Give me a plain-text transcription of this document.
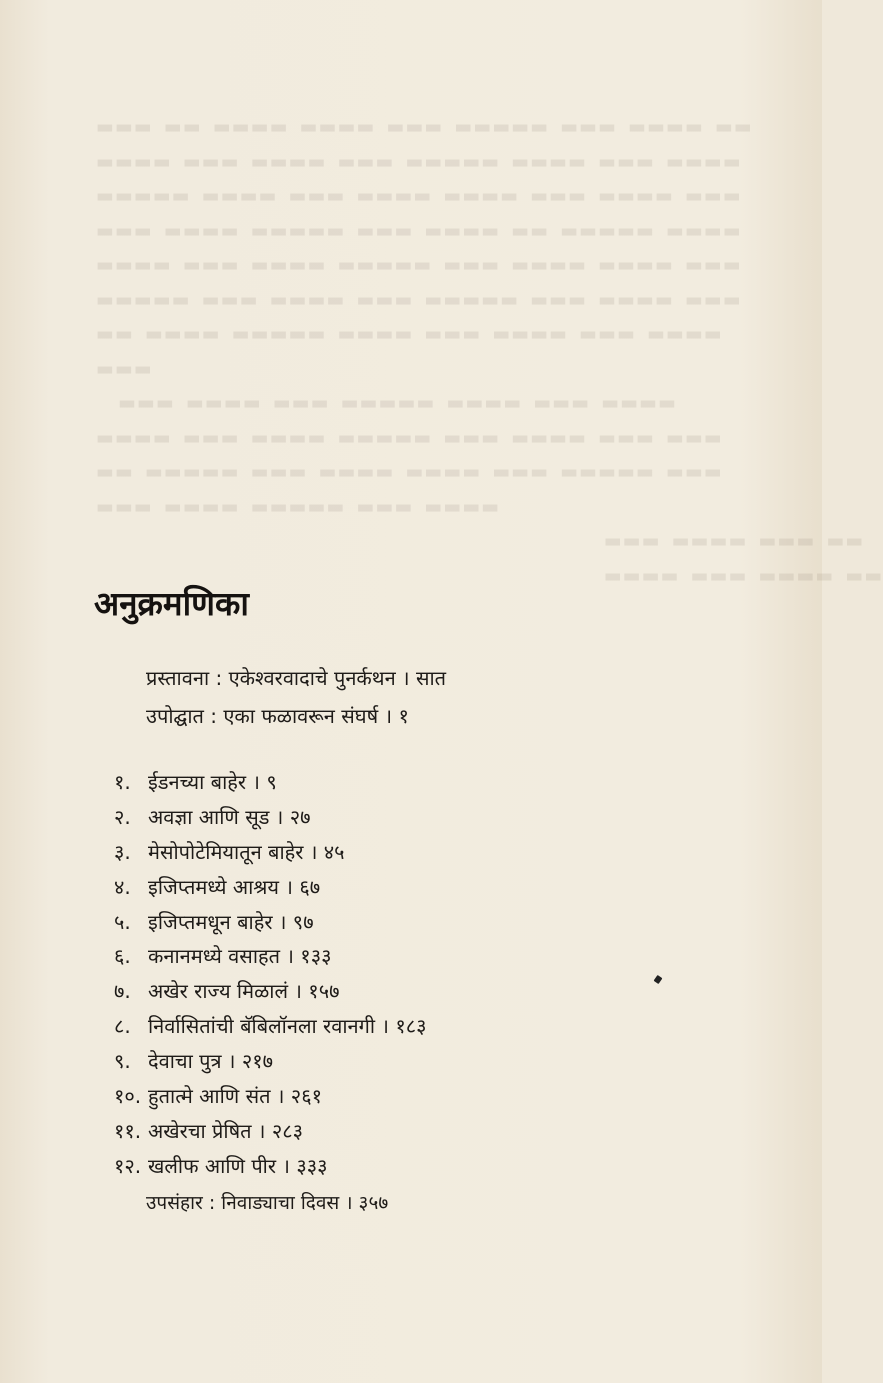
▬▬▬ ▬▬ ▬▬▬▬ ▬▬▬▬ ▬▬▬ ▬▬▬▬▬ ▬▬▬ ▬▬▬▬ ▬▬
▬▬▬▬ ▬▬▬ ▬▬▬▬ ▬▬▬ ▬▬▬▬▬ ▬▬▬▬ ▬▬▬ ▬▬▬▬
▬▬▬▬▬ ▬▬▬▬ ▬▬▬ ▬▬▬▬ ▬▬▬▬ ▬▬▬ ▬▬▬▬ ▬▬▬
▬▬▬ ▬▬▬▬ ▬▬▬▬▬ ▬▬▬ ▬▬▬▬ ▬▬ ▬▬▬▬▬ ▬▬▬▬
▬▬▬▬ ▬▬▬ ▬▬▬▬ ▬▬▬▬▬ ▬▬▬ ▬▬▬▬ ▬▬▬▬ ▬▬▬
▬▬▬▬▬ ▬▬▬ ▬▬▬▬ ▬▬▬ ▬▬▬▬▬ ▬▬▬ ▬▬▬▬ ▬▬▬
▬▬ ▬▬▬▬ ▬▬▬▬▬ ▬▬▬▬ ▬▬▬ ▬▬▬▬ ▬▬▬ ▬▬▬▬
▬▬▬
▬▬▬ ▬▬▬▬ ▬▬▬ ▬▬▬▬▬ ▬▬▬▬ ▬▬▬ ▬▬▬▬
▬▬▬▬ ▬▬▬ ▬▬▬▬ ▬▬▬▬▬ ▬▬▬ ▬▬▬▬ ▬▬▬ ▬▬▬
▬▬ ▬▬▬▬▬ ▬▬▬ ▬▬▬▬ ▬▬▬▬ ▬▬▬ ▬▬▬▬▬ ▬▬▬
▬▬▬ ▬▬▬▬ ▬▬▬▬▬ ▬▬▬ ▬▬▬▬
▬▬▬ ▬▬▬▬ ▬▬▬ ▬▬
▬▬▬▬ ▬▬▬ ▬▬▬▬ ▬▬
अनुक्रमणिका

प्रस्तावना : एकेश्वरवादाचे पुनर्कथन । सात

उपोद्घात : एका फळावरून संघर्ष । १

१. ईडनच्या बाहेर । ९
२. अवज्ञा आणि सूड । २७
३. मेसोपोटेमियातून बाहेर । ४५
४. इजिप्तमध्ये आश्रय । ६७
५. इजिप्तमधून बाहेर । ९७
६. कनानमध्ये वसाहत । १३३
७. अखेर राज्य मिळालं । १५७
८. निर्वासितांची बॅबिलॉनला रवानगी । १८३
९. देवाचा पुत्र । २१७
१०. हुतात्मे आणि संत । २६१
११. अखेरचा प्रेषित । २८३
१२. खलीफ आणि पीर । ३३३

उपसंहार : निवाड्याचा दिवस । ३५७
